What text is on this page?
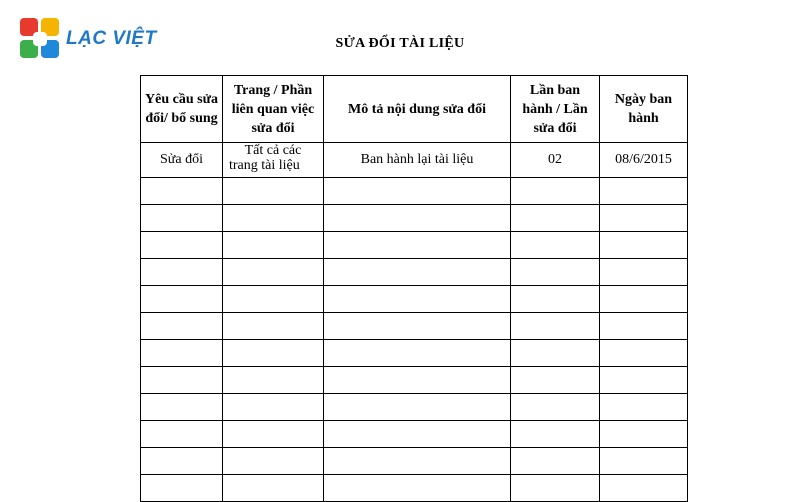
LẠC VIỆT	SỬA ĐỔI TÀI LIỆU
Yêu cầu sửa đổi/ bổ sung	Trang / Phần liên quan việc sửa đổi	Mô tả nội dung sửa đổi	Lần ban hành / Lần sửa đổi	Ngày ban hành
Sửa đổi	Tất cả các trang tài liệu	Ban hành lại tài liệu	02	08/6/2015
